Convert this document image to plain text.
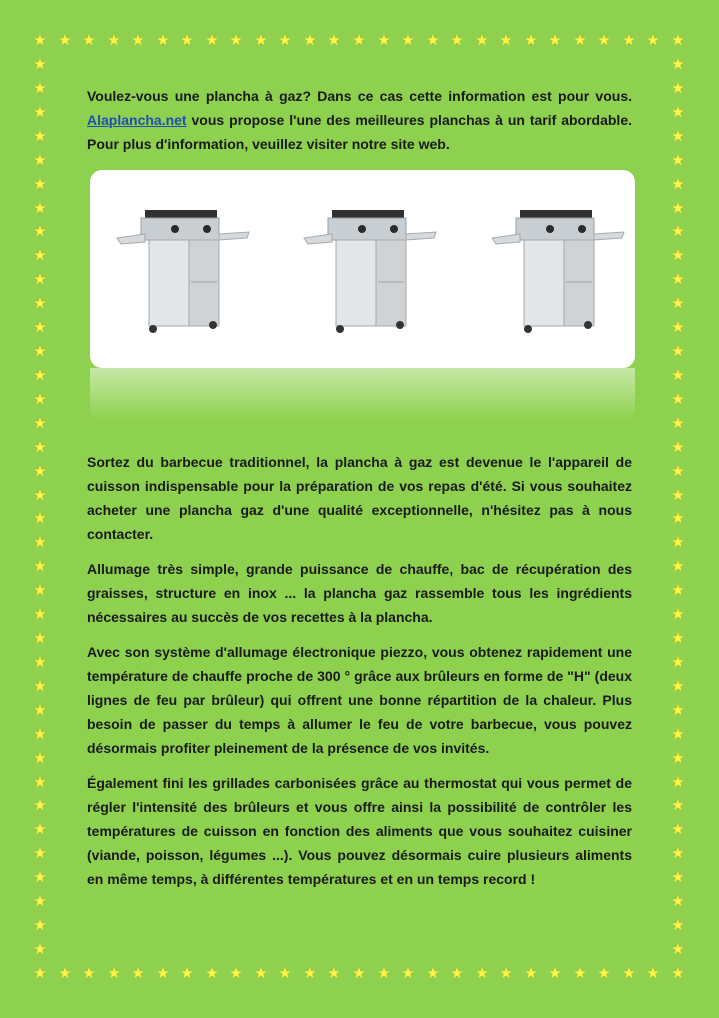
★
★
★
★
★
★
★
★
★
★
★
★
★
★
★
★
★
★
★
★
★
★
★
★
★
★
★
★
★
★
★
★
★
★
★
★
★
★
★
★
★
★
★
★
★
★
★
★
★
★
★
★
★
★
★	★
★	★
★	★
★	★
★	★
★	★
★	★
★	★
★	★
★	★
★	★
★	★
★	★
★	★
★	★
★	★
★	★
★	★
★	★
★	★
★	★
★	★
★	★
★	★
★	★
★	★
★	★
★	★
★	★
★	★
★	★
★	★
★	★
★	★
★	★
★	★
★	★
★	★

Voulez-vous une plancha à gaz? Dans ce cas cette information est pour vous. Alaplancha.net vous propose l'une des meilleures planchas à un tarif abordable. Pour plus d'information, veuillez visiter notre site web.

Sortez du barbecue traditionnel, la plancha à gaz est devenue le l'appareil de cuisson indispensable pour la préparation de vos repas d'été. Si vous souhaitez acheter une plancha gaz d'une qualité exceptionnelle, n'hésitez pas à nous contacter.

Allumage très simple, grande puissance de chauffe, bac de récupération des graisses, structure en inox ... la plancha gaz rassemble tous les ingrédients nécessaires au succès de vos recettes à la plancha.

Avec son système d'allumage électronique piezzo, vous obtenez rapidement une température de chauffe proche de 300 ° grâce aux brûleurs en forme de "H" (deux lignes de feu par brûleur) qui offrent une bonne répartition de la chaleur. Plus besoin de passer du temps à allumer le feu de votre barbecue, vous pouvez désormais profiter pleinement de la présence de vos invités.

Également fini les grillades carbonisées grâce au thermostat qui vous permet de régler l'intensité des brûleurs et vous offre ainsi la possibilité de contrôler les températures de cuisson en fonction des aliments que vous souhaitez cuisiner (viande, poisson, légumes ...). Vous pouvez désormais cuire plusieurs aliments en même temps, à différentes températures et en un temps record !
